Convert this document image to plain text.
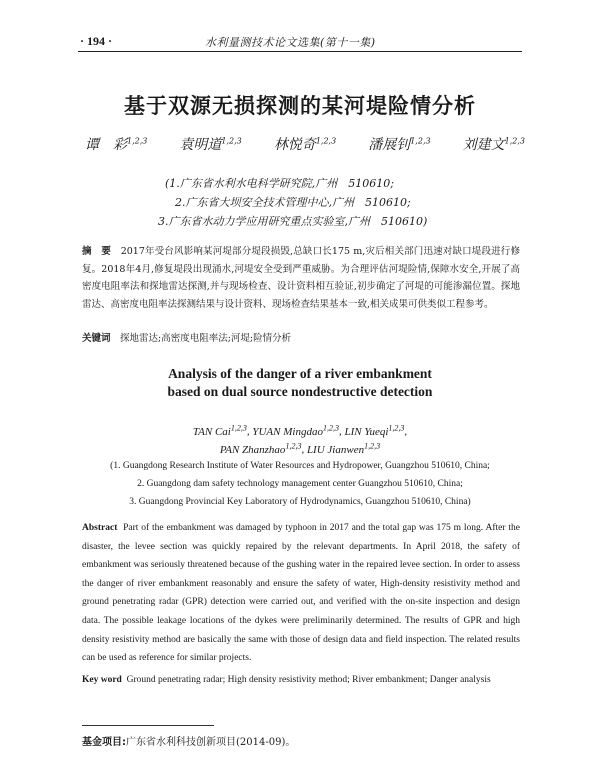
· 194 ·	水利量测技术论文选集(第十一集)
基于双源无损探测的某河堤险情分析
谭　彩$^{1,2,3}$ 袁明道$^{1,2,3}$ 林悦奇$^{1,2,3}$ 潘展钊$^{1,2,3}$ 刘建文$^{1,2,3}$
(1.广东省水利水电科学研究院,广州　510610;
2.广东省大坝安全技术管理中心,广州　510610;
3.广东省水动力学应用研究重点实验室,广州　510610)
摘　要　 2017年受台风影响某河堤部分堤段损毁,总缺口长175 m,灾后相关部门迅速对缺口堤段进行修复。2018年4月,修复堤段出现涌水,河堤安全受到严重威胁。为合理评估河堤险情,保障水安全,开展了高密度电阻率法和探地雷达探测,并与现场检查、设计资料相互验证,初步确定了河堤的可能渗漏位置。探地雷达、高密度电阻率法探测结果与设计资料、现场检查结果基本一致,相关成果可供类似工程参考。
关键词　 探地雷达;高密度电阻率法;河堤;险情分析
Analysis of the danger of a river embankment
based on dual source nondestructive detection
TAN Cai$^{1,2,3}$, YUAN Mingdao$^{1,2,3}$, LIN Yueqi$^{1,2,3}$,
PAN Zhanzhao$^{1,2,3}$, LIU Jianwen$^{1,2,3}$
(1. Guangdong Research Institute of Water Resources and Hydropower, Guangzhou 510610, China;
2. Guangdong dam safety technology management center Guangzhou 510610, China;
3. Guangdong Provincial Key Laboratory of Hydrodynamics, Guangzhou 510610, China)
Abstract Part of the embankment was damaged by typhoon in 2017 and the total gap was 175 m long. After the disaster, the levee section was quickly repaired by the relevant departments. In April 2018, the safety of embankment was seriously threatened because of the gushing water in the repaired levee section. In order to assess the danger of river embankment reasonably and ensure the safety of water, High-density resistivity method and ground penetrating radar (GPR) detection were carried out, and verified with the on-site inspection and design data. The possible leakage locations of the dykes were preliminarily determined. The results of GPR and high density resistivity method are basically the same with those of design data and field inspection. The related results can be used as reference for similar projects.
Key word Ground penetrating radar; High density resistivity method; River embankment; Danger analysis
基金项目:广东省水利科技创新项目(2014-09)。
